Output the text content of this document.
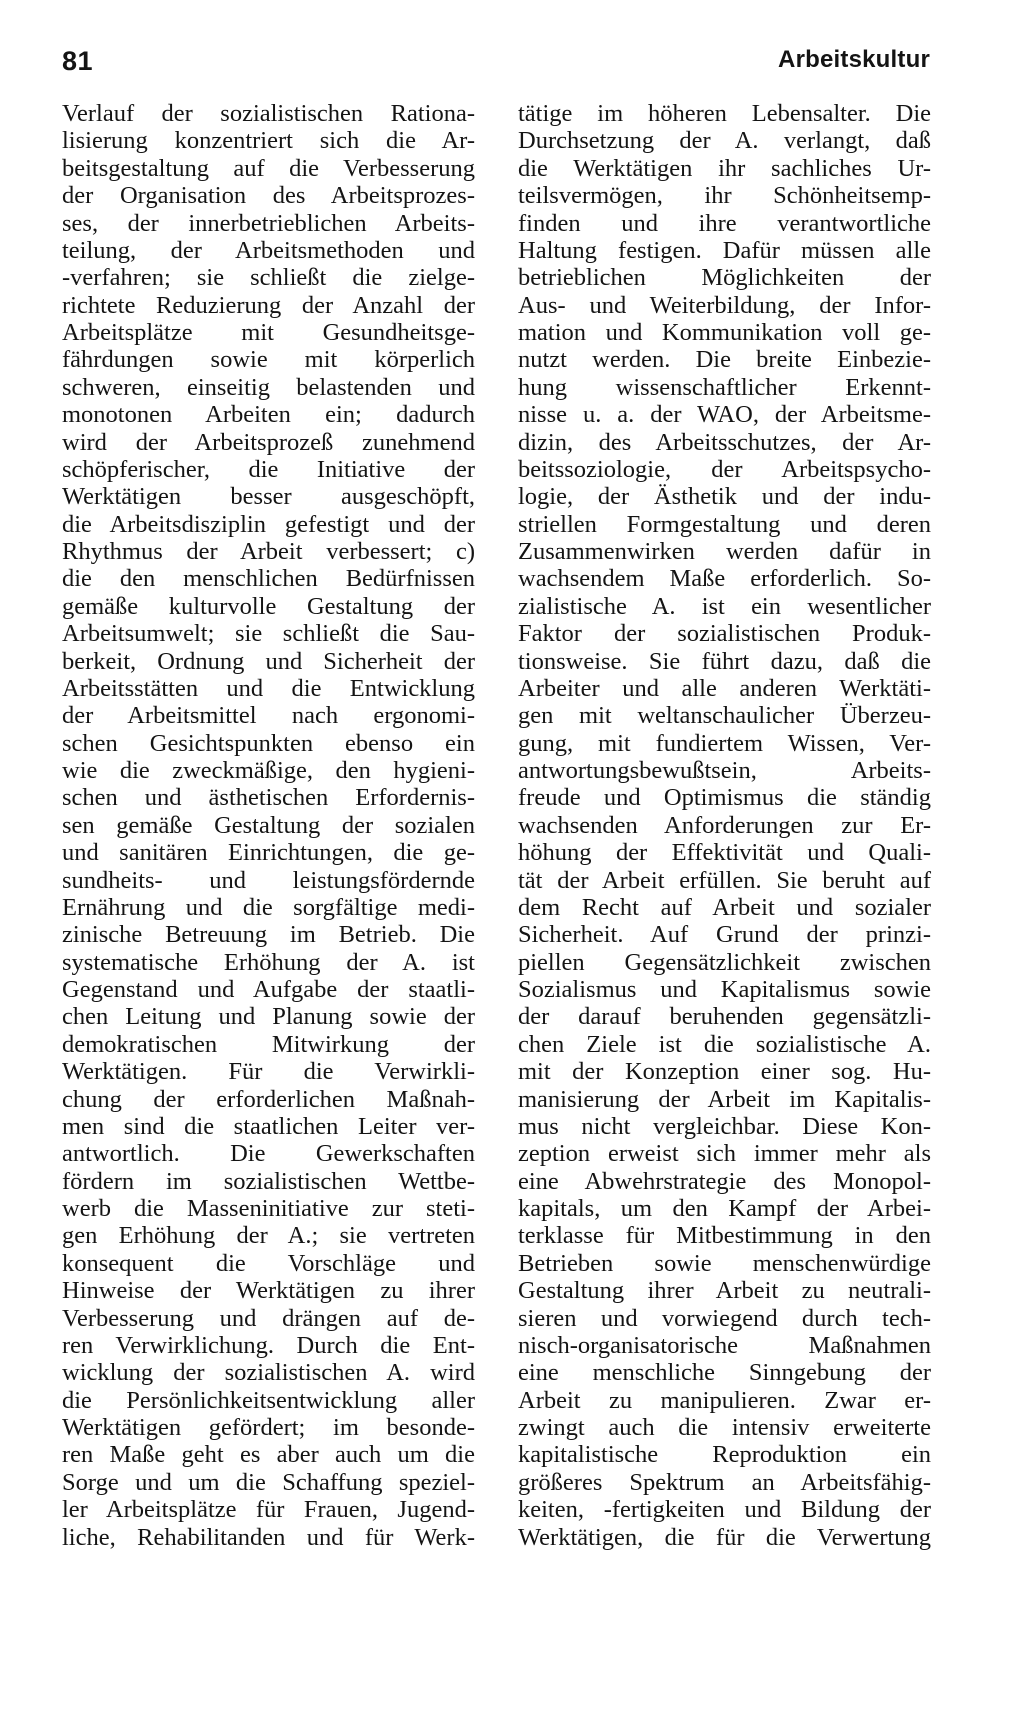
81	Arbeitskultur
Verlauf der sozialistischen Rationa-
lisierung konzentriert sich die Ar-
beitsgestaltung auf die Verbesserung
der Organisation des Arbeitsprozes-
ses, der innerbetrieblichen Arbeits-
teilung, der Arbeitsmethoden und
-verfahren; sie schließt die zielge-
richtete Reduzierung der Anzahl der
Arbeitsplätze mit Gesundheitsge-
fährdungen sowie mit körperlich
schweren, einseitig belastenden und
monotonen Arbeiten ein; dadurch
wird der Arbeitsprozeß zunehmend
schöpferischer, die Initiative der
Werktätigen besser ausgeschöpft,
die Arbeitsdisziplin gefestigt und der
Rhythmus der Arbeit verbessert; c)
die den menschlichen Bedürfnissen
gemäße kulturvolle Gestaltung der
Arbeitsumwelt; sie schließt die Sau-
berkeit, Ordnung und Sicherheit der
Arbeitsstätten und die Entwicklung
der Arbeitsmittel nach ergonomi-
schen Gesichtspunkten ebenso ein
wie die zweckmäßige, den hygieni-
schen und ästhetischen Erfordernis-
sen gemäße Gestaltung der sozialen
und sanitären Einrichtungen, die ge-
sundheits- und leistungsfördernde
Ernährung und die sorgfältige medi-
zinische Betreuung im Betrieb. Die
systematische Erhöhung der A. ist
Gegenstand und Aufgabe der staatli-
chen Leitung und Planung sowie der
demokratischen Mitwirkung der
Werktätigen. Für die Verwirkli-
chung der erforderlichen Maßnah-
men sind die staatlichen Leiter ver-
antwortlich. Die Gewerkschaften
fördern im sozialistischen Wettbe-
werb die Masseninitiative zur steti-
gen Erhöhung der A.; sie vertreten
konsequent die Vorschläge und
Hinweise der Werktätigen zu ihrer
Verbesserung und drängen auf de-
ren Verwirklichung. Durch die Ent-
wicklung der sozialistischen A. wird
die Persönlichkeitsentwicklung aller
Werktätigen gefördert; im besonde-
ren Maße geht es aber auch um die
Sorge und um die Schaffung speziel-
ler Arbeitsplätze für Frauen, Jugend-
liche, Rehabilitanden und für Werk-
tätige im höheren Lebensalter. Die
Durchsetzung der A. verlangt, daß
die Werktätigen ihr sachliches Ur-
teilsvermögen, ihr Schönheitsemp-
finden und ihre verantwortliche
Haltung festigen. Dafür müssen alle
betrieblichen Möglichkeiten der
Aus- und Weiterbildung, der Infor-
mation und Kommunikation voll ge-
nutzt werden. Die breite Einbezie-
hung wissenschaftlicher Erkennt-
nisse u. a. der WAO, der Arbeitsme-
dizin, des Arbeitsschutzes, der Ar-
beitssoziologie, der Arbeitspsycho-
logie, der Ästhetik und der indu-
striellen Formgestaltung und deren
Zusammenwirken werden dafür in
wachsendem Maße erforderlich. So-
zialistische A. ist ein wesentlicher
Faktor der sozialistischen Produk-
tionsweise. Sie führt dazu, daß die
Arbeiter und alle anderen Werktäti-
gen mit weltanschaulicher Überzeu-
gung, mit fundiertem Wissen, Ver-
antwortungsbewußtsein, Arbeits-
freude und Optimismus die ständig
wachsenden Anforderungen zur Er-
höhung der Effektivität und Quali-
tät der Arbeit erfüllen. Sie beruht auf
dem Recht auf Arbeit und sozialer
Sicherheit. Auf Grund der prinzi-
piellen Gegensätzlichkeit zwischen
Sozialismus und Kapitalismus sowie
der darauf beruhenden gegensätzli-
chen Ziele ist die sozialistische A.
mit der Konzeption einer sog. Hu-
manisierung der Arbeit im Kapitalis-
mus nicht vergleichbar. Diese Kon-
zeption erweist sich immer mehr als
eine Abwehrstrategie des Monopol-
kapitals, um den Kampf der Arbei-
terklasse für Mitbestimmung in den
Betrieben sowie menschenwürdige
Gestaltung ihrer Arbeit zu neutrali-
sieren und vorwiegend durch tech-
nisch-organisatorische Maßnahmen
eine menschliche Sinngebung der
Arbeit zu manipulieren. Zwar er-
zwingt auch die intensiv erweiterte
kapitalistische Reproduktion ein
größeres Spektrum an Arbeitsfähig-
keiten, -fertigkeiten und Bildung der
Werktätigen, die für die Verwertung
